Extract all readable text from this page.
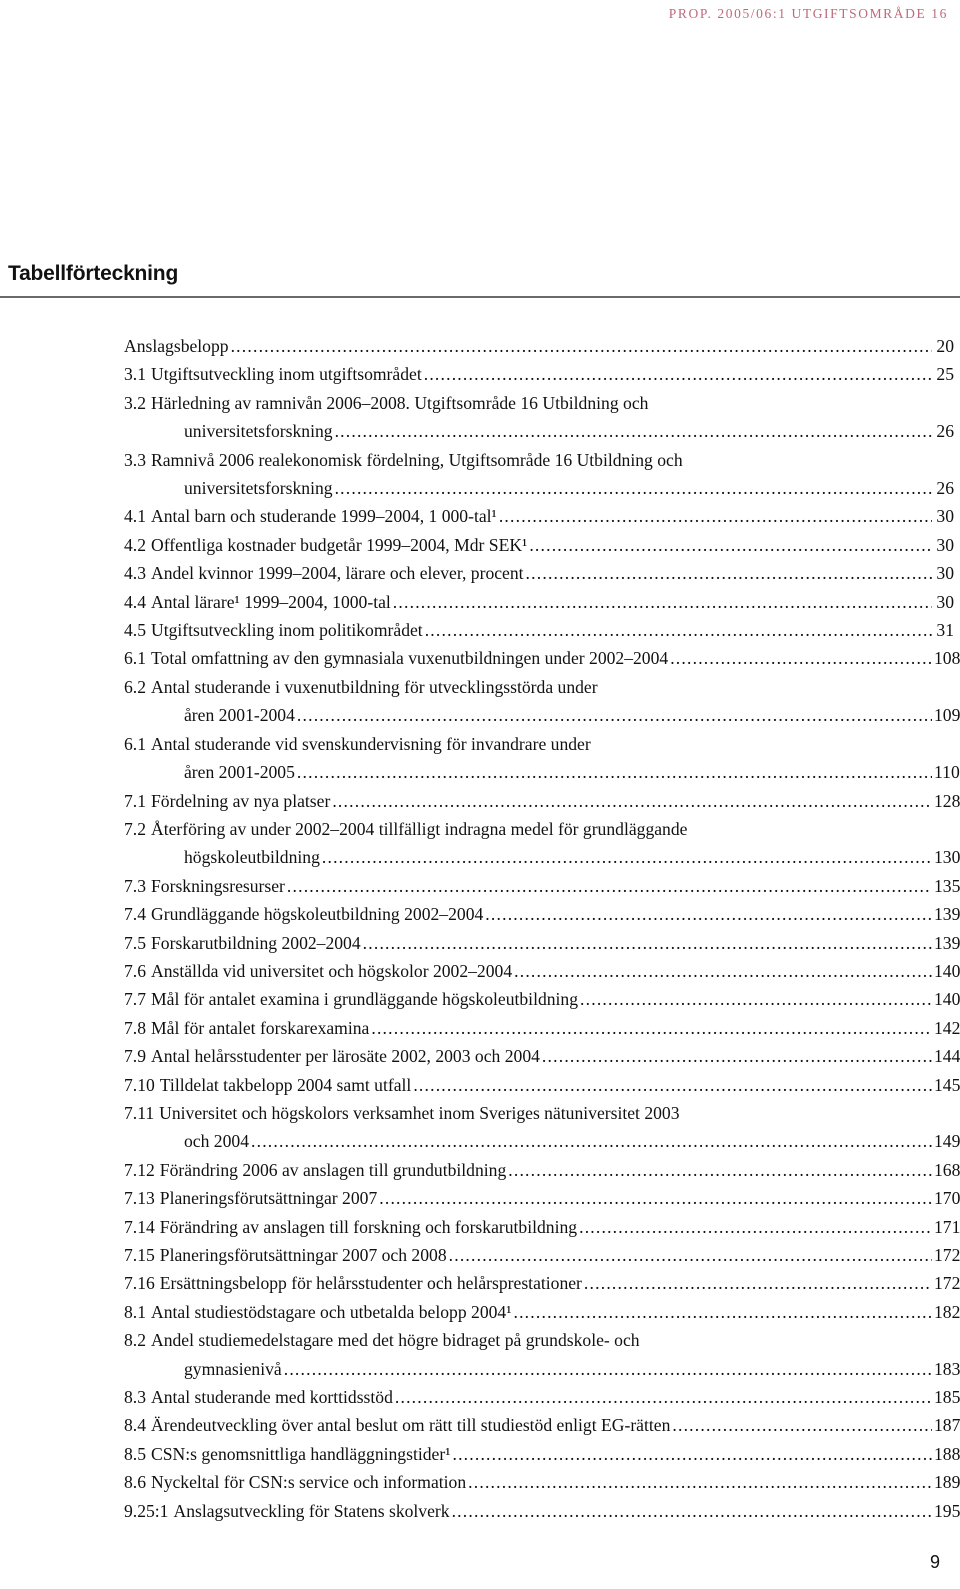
PROP. 2005/06:1 UTGIFTSOMRÅDE 16
Tabellförteckning
Anslagsbelopp .....	20
3.1 Utgiftsutveckling inom utgiftsområdet .....	25
3.2 Härledning av ramnivån 2006–2008. Utgiftsområde 16 Utbildning och
universitetsforskning .....	26
3.3 Ramnivå 2006 realekonomisk fördelning, Utgiftsområde 16 Utbildning och
universitetsforskning .....	26
4.1 Antal barn och studerande 1999–2004, 1 000-tal¹ .....	30
4.2 Offentliga kostnader budgetår 1999–2004, Mdr SEK¹ .....	30
4.3 Andel kvinnor 1999–2004, lärare och elever, procent .....	30
4.4 Antal lärare¹ 1999–2004, 1000-tal .....	30
4.5 Utgiftsutveckling inom politikområdet .....	31
6.1 Total omfattning av den gymnasiala vuxenutbildningen under 2002–2004 .....	108
6.2 Antal studerande i vuxenutbildning för utvecklingsstörda under
åren 2001-2004 .....	109
6.1 Antal studerande vid svenskundervisning för invandrare under
åren 2001-2005 .....	110
7.1 Fördelning av nya platser .....	128
7.2 Återföring av under 2002–2004 tillfälligt indragna medel för grundläggande
högskoleutbildning .....	130
7.3 Forskningsresurser .....	135
7.4 Grundläggande högskoleutbildning 2002–2004 .....	139
7.5 Forskarutbildning 2002–2004 .....	139
7.6 Anställda vid universitet och högskolor 2002–2004 .....	140
7.7 Mål för antalet examina i grundläggande högskoleutbildning .....	140
7.8 Mål för antalet forskarexamina .....	142
7.9 Antal helårsstudenter per lärosäte 2002, 2003 och 2004 .....	144
7.10 Tilldelat takbelopp 2004 samt utfall .....	145
7.11 Universitet och högskolors verksamhet inom Sveriges nätuniversitet 2003
och 2004 .....	149
7.12 Förändring 2006 av anslagen till grundutbildning .....	168
7.13 Planeringsförutsättningar 2007 .....	170
7.14 Förändring av anslagen till forskning och forskarutbildning .....	171
7.15 Planeringsförutsättningar 2007 och 2008 .....	172
7.16 Ersättningsbelopp för helårsstudenter och helårsprestationer .....	172
8.1 Antal studiestödstagare och utbetalda belopp 2004¹ .....	182
8.2 Andel studiemedelstagare med det högre bidraget på grundskole- och
gymnasienivå .....	183
8.3 Antal studerande med korttidsstöd .....	185
8.4 Ärendeutveckling över antal beslut om rätt till studiestöd enligt EG-rätten .....	187
8.5 CSN:s genomsnittliga handläggningstider¹ .....	188
8.6 Nyckeltal för CSN:s service och information .....	189
9.25:1 Anslagsutveckling för Statens skolverk .....	195
9
